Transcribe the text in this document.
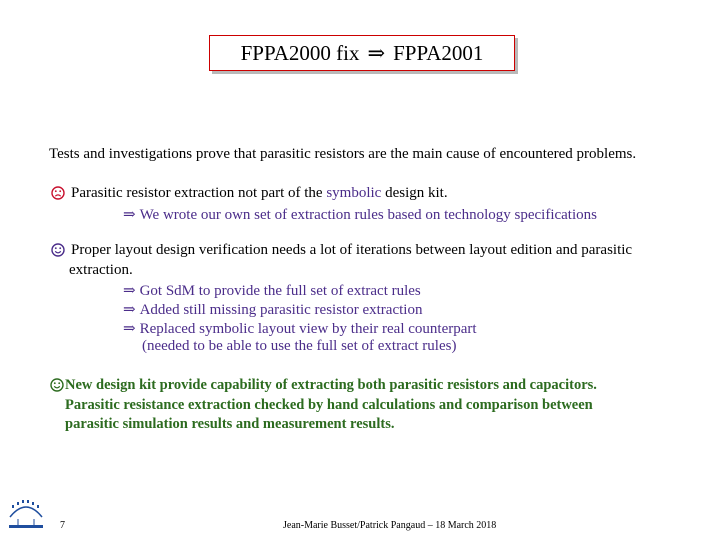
FPPA2000 fix ⇒ FPPA2001
Tests and investigations prove that parasitic resistors are the main cause of encountered problems.
Parasitic resistor extraction not part of the symbolic design kit.
⇒ We wrote our own set of extraction rules based on technology specifications
Proper layout design verification needs a lot of iterations between layout edition and parasitic
extraction.
⇒ Got SdM to provide the full set of extract rules
⇒ Added still missing parasitic resistor extraction
⇒ Replaced symbolic layout view by their real counterpart
(needed to be able to use the full set of extract rules)
New design kit provide capability of extracting both parasitic resistors and capacitors.
Parasitic resistance extraction checked by hand calculations and comparison between
parasitic simulation results and measurement results.
7	Jean-Marie Busset/Patrick Pangaud – 18 March 2018
